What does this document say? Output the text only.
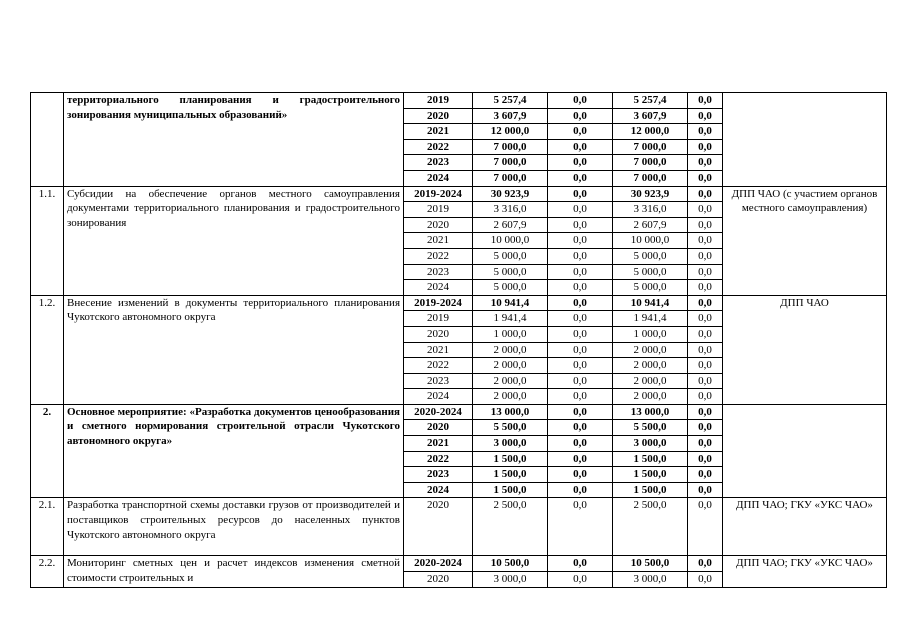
	территориального планирования и градостроительного зонирования муниципальных образований»	2019	5 257,4	0,0	5 257,4	0,0	
		2020	3 607,9	0,0	3 607,9	0,0	
		2021	12 000,0	0,0	12 000,0	0,0	
		2022	7 000,0	0,0	7 000,0	0,0	
		2023	7 000,0	0,0	7 000,0	0,0	
		2024	7 000,0	0,0	7 000,0	0,0	
1.1.	Субсидии на обеспечение органов местного самоуправления документами территориального планирования и градостроительного зонирования	2019-2024	30 923,9	0,0	30 923,9	0,0	ДПП ЧАО (с участием органов местного самоуправления)
		2019	3 316,0	0,0	3 316,0	0,0	
		2020	2 607,9	0,0	2 607,9	0,0	
		2021	10 000,0	0,0	10 000,0	0,0	
		2022	5 000,0	0,0	5 000,0	0,0	
		2023	5 000,0	0,0	5 000,0	0,0	
		2024	5 000,0	0,0	5 000,0	0,0	
1.2.	Внесение изменений в документы территориального планирования Чукотского автономного округа	2019-2024	10 941,4	0,0	10 941,4	0,0	ДПП ЧАО
		2019	1 941,4	0,0	1 941,4	0,0	
		2020	1 000,0	0,0	1 000,0	0,0	
		2021	2 000,0	0,0	2 000,0	0,0	
		2022	2 000,0	0,0	2 000,0	0,0	
		2023	2 000,0	0,0	2 000,0	0,0	
		2024	2 000,0	0,0	2 000,0	0,0	
2.	Основное мероприятие: «Разработка документов ценообразования и сметного нормирования строительной отрасли Чукотского автономного округа»	2020-2024	13 000,0	0,0	13 000,0	0,0	
		2020	5 500,0	0,0	5 500,0	0,0	
		2021	3 000,0	0,0	3 000,0	0,0	
		2022	1 500,0	0,0	1 500,0	0,0	
		2023	1 500,0	0,0	1 500,0	0,0	
		2024	1 500,0	0,0	1 500,0	0,0	
2.1.	Разработка транспортной схемы доставки грузов от производителей и поставщиков строительных ресурсов до населенных пунктов Чукотского автономного округа	2020	2 500,0	0,0	2 500,0	0,0	ДПП ЧАО; ГКУ «УКС ЧАО»
2.2.	Мониторинг сметных цен и расчет индексов изменения сметной стоимости строительных и	2020-2024	10 500,0	0,0	10 500,0	0,0	ДПП ЧАО; ГКУ «УКС ЧАО»
		2020	3 000,0	0,0	3 000,0	0,0	
